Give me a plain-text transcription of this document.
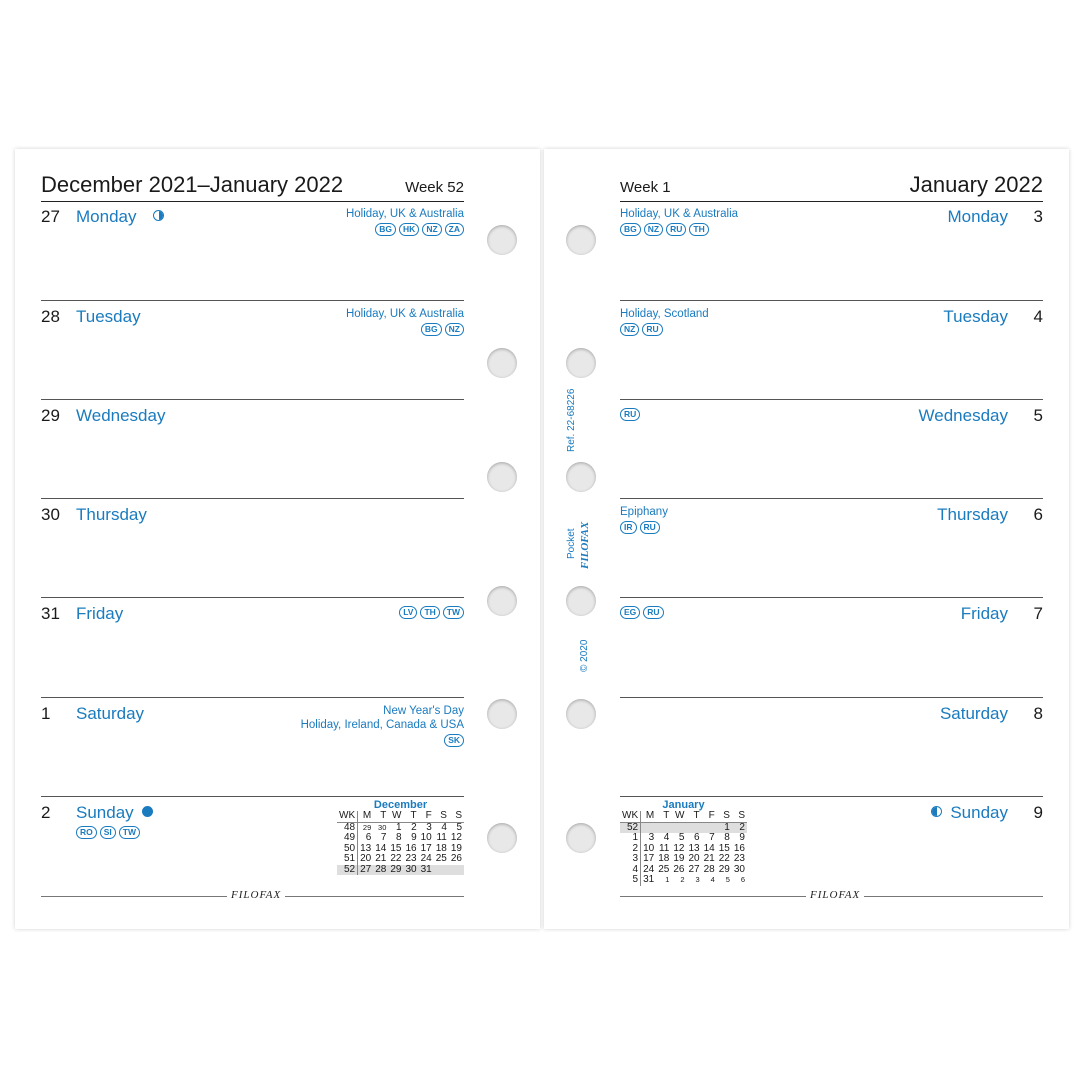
December 2021–January 2022	Week 52
27 Monday	Holiday, UK & Australia
BG	HK	NZ	ZA
28 Tuesday	Holiday, UK & Australia
BG	NZ
29 Wednesday
30 Thursday
31 Friday	LV	TH	TW
1	Saturday	New Year's Day
Holiday, Ireland, Canada & USA
SK
2	Sunday
RO	SI	TW
December
WK	M	T	W	T	F	S	S
48	29	30	1	2	3	4	5
49	6	7	8	9	10	11	12
50	13	14	15	16	17	18	19
51	20	21	22	23	24	25	26
52	27	28	29	30	31		
FILOFAX
Week 1	January 2022
3
Monday
Holiday, UK & Australia
BG	NZ	RU	TH
4
Tuesday
Holiday, Scotland
NZ	RU
5
Wednesday
RU
6
Thursday
Epiphany
IR	RU
7
Friday
EG	RU
8
Saturday
9
Sunday
January
WK	M	T	W	T	F	S	S
52						1	2
1	3	4	5	6	7	8	9
2	10	11	12	13	14	15	16
3	17	18	19	20	21	22	23
4	24	25	26	27	28	29	30
5	31	1	2	3	4	5	6
FILOFAX
Ref. 22-68226
Pocket FILOFAX
© 2020
